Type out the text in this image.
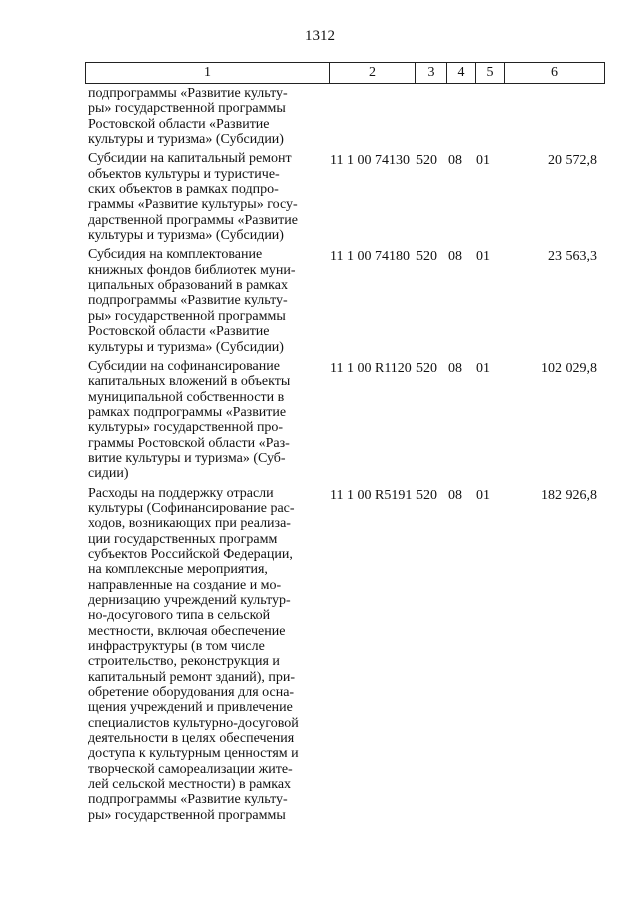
1312
1	2	3	4	5	6
подпрограммы «Развитие культу-
ры» государственной программы
Ростовской области «Развитие
культуры и туризма» (Субсидии)
Субсидии на капитальный ремонт
объектов культуры и туристиче-
ских объектов в рамках подпро-
граммы «Развитие культуры» госу-
дарственной программы «Развитие
культуры и туризма» (Субсидии)
11 1 00 74130 520 08 01	20 572,8
Субсидия на комплектование
книжных фондов библиотек муни-
ципальных образований в рамках
подпрограммы «Развитие культу-
ры» государственной программы
Ростовской области «Развитие
культуры и туризма» (Субсидии)
11 1 00 74180 520 08 01	23 563,3
Субсидии на софинансирование
капитальных вложений в объекты
муниципальной собственности в
рамках подпрограммы «Развитие
культуры» государственной про-
граммы Ростовской области «Раз-
витие культуры и туризма» (Суб-
сидии)
11 1 00 R1120 520 08 01	102 029,8
Расходы на поддержку отрасли
культуры (Софинансирование рас-
ходов, возникающих при реализа-
ции государственных программ
субъектов Российской Федерации,
на комплексные мероприятия,
направленные на создание и мо-
дернизацию учреждений культур-
но-досугового типа в сельской
местности, включая обеспечение
инфраструктуры (в том числе
строительство, реконструкция и
капитальный ремонт зданий), при-
обретение оборудования для осна-
щения учреждений и привлечение
специалистов культурно-досуговой
деятельности в целях обеспечения
доступа к культурным ценностям и
творческой самореализации жите-
лей сельской местности) в рамках
подпрограммы «Развитие культу-
ры» государственной программы
11 1 00 R5191 520 08 01	182 926,8
